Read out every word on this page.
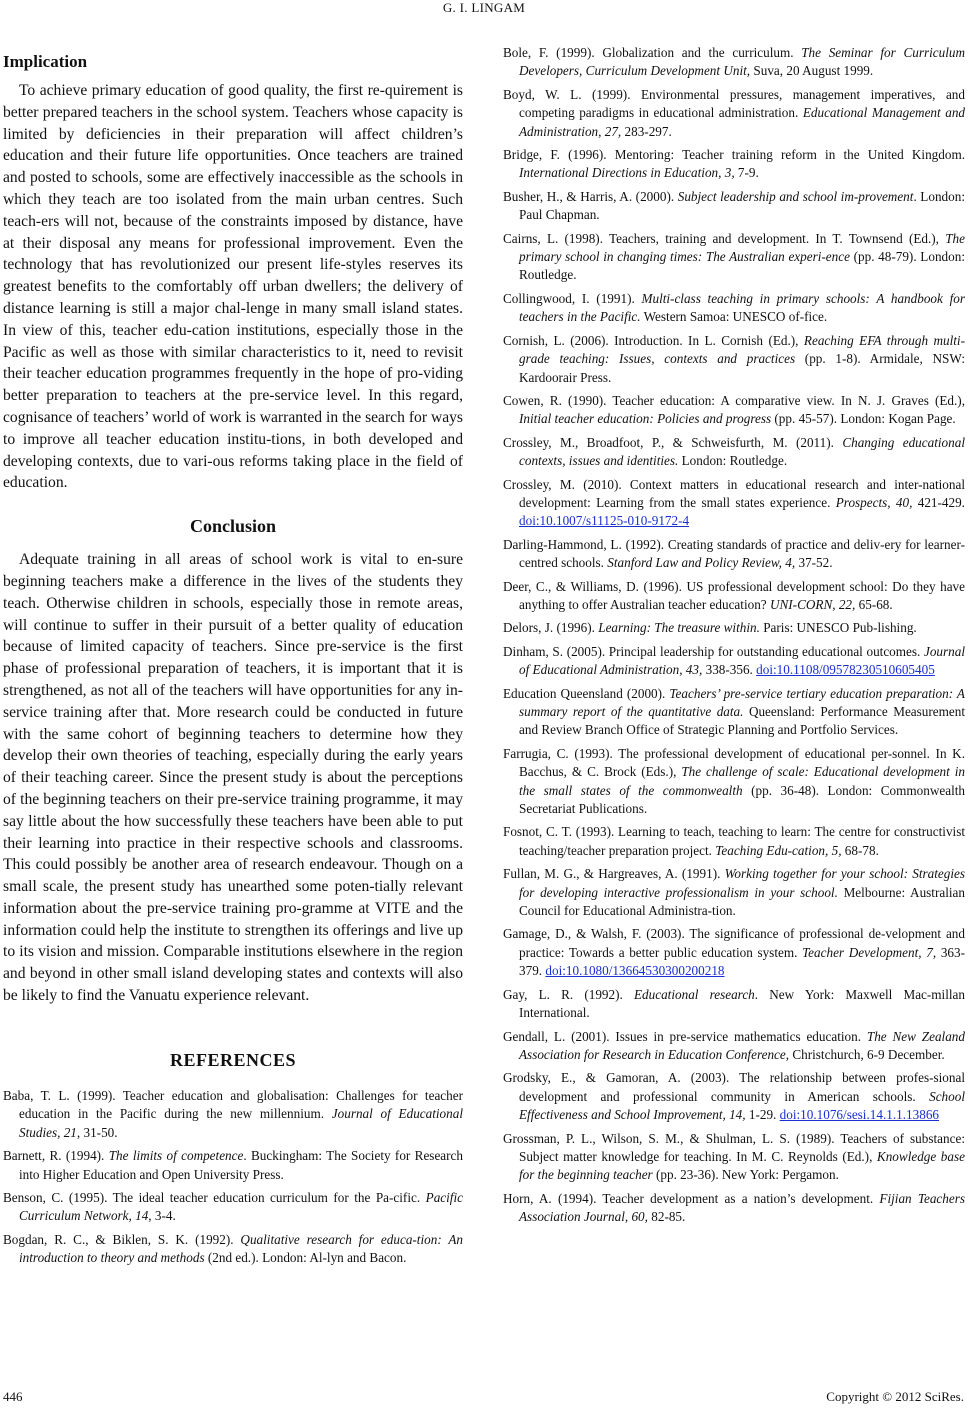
G. I. LINGAM
Implication

To achieve primary education of good quality, the first re-quirement is better prepared teachers in the school system. Teachers whose capacity is limited by deficiencies in their preparation will affect children’s education and their future life opportunities. Once teachers are trained and posted to schools, some are effectively inaccessible as the schools in which they teach are too isolated from the main urban centres. Such teach-ers will not, because of the constraints imposed by distance, have at their disposal any means for professional improvement. Even the technology that has revolutionized our present life-styles reserves its greatest benefits to the comfortably off urban dwellers; the delivery of distance learning is still a major chal-lenge in many small island states. In view of this, teacher edu-cation institutions, especially those in the Pacific as well as those with similar characteristics to it, need to revisit their teacher education programmes frequently in the hope of pro-viding better preparation to teachers at the pre-service level. In this regard, cognisance of teachers’ world of work is warranted in the search for ways to improve all teacher education institu-tions, in both developed and developing contexts, due to vari-ous reforms taking place in the field of education.

Conclusion

Adequate training in all areas of school work is vital to en-sure beginning teachers make a difference in the lives of the students they teach. Otherwise children in schools, especially those in remote areas, will continue to suffer in their pursuit of a better quality of education because of limited capacity of teachers. Since pre-service is the first phase of professional preparation of teachers, it is important that it is strengthened, as not all of the teachers will have opportunities for any in-service training after that. More research could be conducted in future with the same cohort of beginning teachers to determine how they develop their own theories of teaching, especially during the early years of their teaching career. Since the present study is about the perceptions of the beginning teachers on their pre-service training programme, it may say little about the how successfully these teachers have been able to put their learning into practice in their respective schools and classrooms. This could possibly be another area of research endeavour. Though on a small scale, the present study has unearthed some poten-tially relevant information about the pre-service training pro-gramme at VITE and the information could help the institute to strengthen its offerings and live up to its vision and mission. Comparable institutions elsewhere in the region and beyond in other small island developing states and contexts will also be likely to find the Vanuatu experience relevant.

REFERENCES

Baba, T. L. (1999). Teacher education and globalisation: Challenges for teacher education in the Pacific during the new millennium. Journal of Educational Studies, 21, 31-50.

Barnett, R. (1994). The limits of competence. Buckingham: The Society for Research into Higher Education and Open University Press.

Benson, C. (1995). The ideal teacher education curriculum for the Pa-cific. Pacific Curriculum Network, 14, 3-4.

Bogdan, R. C., & Biklen, S. K. (1992). Qualitative research for educa-tion: An introduction to theory and methods (2nd ed.). London: Al-lyn and Bacon.

Bole, F. (1999). Globalization and the curriculum. The Seminar for Curriculum Developers, Curriculum Development Unit, Suva, 20 August 1999.

Boyd, W. L. (1999). Environmental pressures, management imperatives, and competing paradigms in educational administration. Educational Management and Administration, 27, 283-297.

Bridge, F. (1996). Mentoring: Teacher training reform in the United Kingdom. International Directions in Education, 3, 7-9.

Busher, H., & Harris, A. (2000). Subject leadership and school im-provement. London: Paul Chapman.

Cairns, L. (1998). Teachers, training and development. In T. Townsend (Ed.), The primary school in changing times: The Australian experi-ence (pp. 48-79). London: Routledge.

Collingwood, I. (1991). Multi-class teaching in primary schools: A handbook for teachers in the Pacific. Western Samoa: UNESCO of-fice.

Cornish, L. (2006). Introduction. In L. Cornish (Ed.), Reaching EFA through multi-grade teaching: Issues, contexts and practices (pp. 1-8). Armidale, NSW: Kardoorair Press.

Cowen, R. (1990). Teacher education: A comparative view. In N. J. Graves (Ed.), Initial teacher education: Policies and progress (pp. 45-57). London: Kogan Page.

Crossley, M., Broadfoot, P., & Schweisfurth, M. (2011). Changing educational contexts, issues and identities. London: Routledge.

Crossley, M. (2010). Context matters in educational research and inter-national development: Learning from the small states experience. Prospects, 40, 421-429. doi:10.1007/s11125-010-9172-4

Darling-Hammond, L. (1992). Creating standards of practice and deliv-ery for learner-centred schools. Stanford Law and Policy Review, 4, 37-52.

Deer, C., & Williams, D. (1996). US professional development school: Do they have anything to offer Australian teacher education? UNI-CORN, 22, 65-68.

Delors, J. (1996). Learning: The treasure within. Paris: UNESCO Pub-lishing.

Dinham, S. (2005). Principal leadership for outstanding educational outcomes. Journal of Educational Administration, 43, 338-356. doi:10.1108/09578230510605405

Education Queensland (2000). Teachers’ pre-service tertiary education preparation: A summary report of the quantitative data. Queensland: Performance Measurement and Review Branch Office of Strategic Planning and Portfolio Services.

Farrugia, C. (1993). The professional development of educational per-sonnel. In K. Bacchus, & C. Brock (Eds.), The challenge of scale: Educational development in the small states of the commonwealth (pp. 36-48). London: Commonwealth Secretariat Publications.

Fosnot, C. T. (1993). Learning to teach, teaching to learn: The centre for constructivist teaching/teacher preparation project. Teaching Edu-cation, 5, 68-78.

Fullan, M. G., & Hargreaves, A. (1991). Working together for your school: Strategies for developing interactive professionalism in your school. Melbourne: Australian Council for Educational Administra-tion.

Gamage, D., & Walsh, F. (2003). The significance of professional de-velopment and practice: Towards a better public education system. Teacher Development, 7, 363-379. doi:10.1080/13664530300200218

Gay, L. R. (1992). Educational research. New York: Maxwell Mac-millan International.

Gendall, L. (2001). Issues in pre-service mathematics education. The New Zealand Association for Research in Education Conference, Christchurch, 6-9 December.

Grodsky, E., & Gamoran, A. (2003). The relationship between profes-sional development and professional community in American schools. School Effectiveness and School Improvement, 14, 1-29. doi:10.1076/sesi.14.1.1.13866

Grossman, P. L., Wilson, S. M., & Shulman, L. S. (1989). Teachers of substance: Subject matter knowledge for teaching. In M. C. Reynolds (Ed.), Knowledge base for the beginning teacher (pp. 23-36). New York: Pergamon.

Horn, A. (1994). Teacher development as a nation’s development. Fijian Teachers Association Journal, 60, 82-85.

446	Copyright © 2012 SciRes.
